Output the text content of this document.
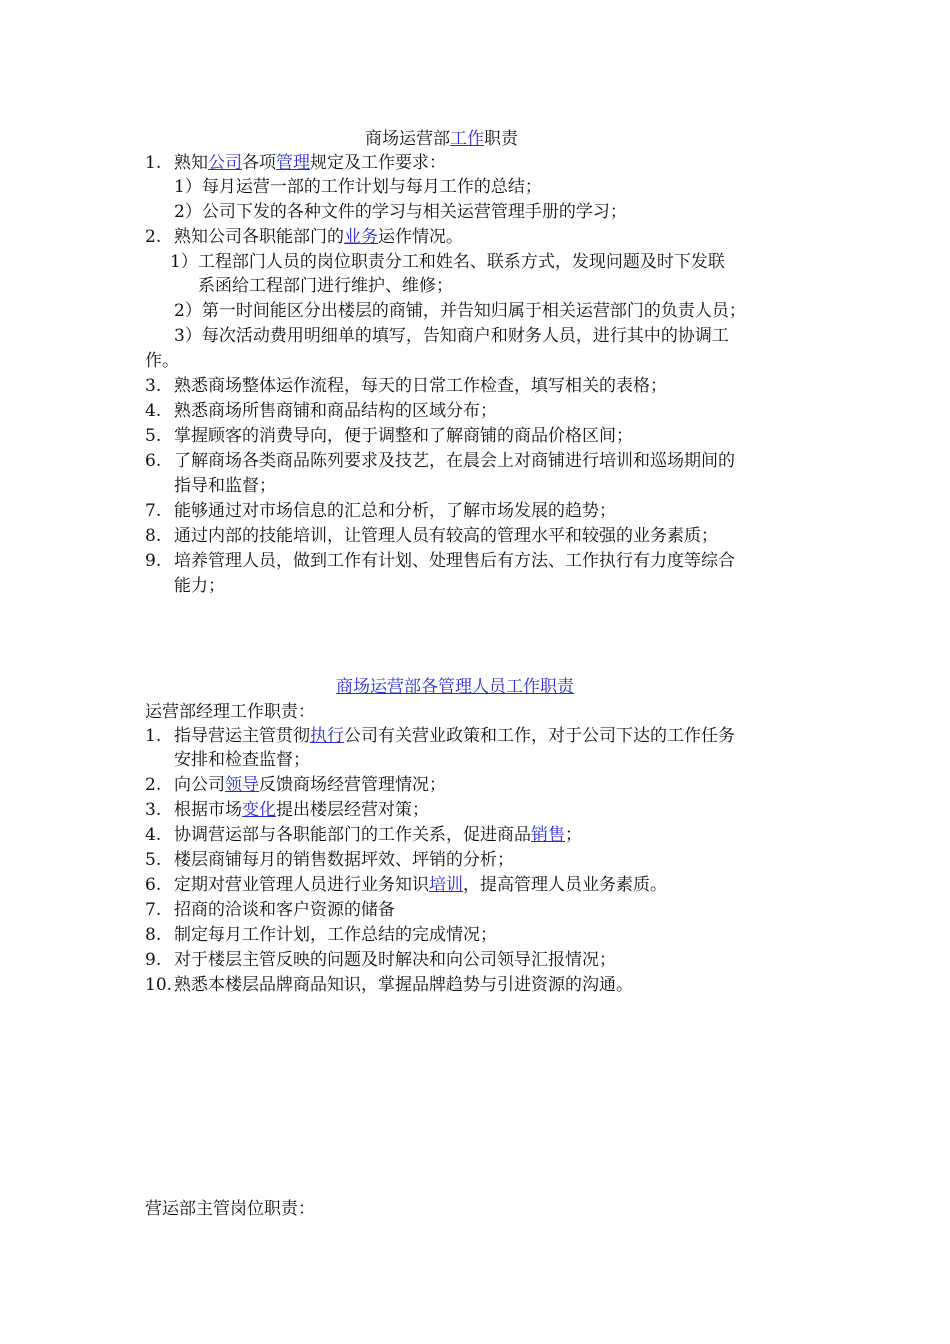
商场运营部工作职责
1. 熟知公司各项管理规定及工作要求：
1）每月运营一部的工作计划与每月工作的总结；
2）公司下发的各种文件的学习与相关运营管理手册的学习；
2. 熟知公司各职能部门的业务运作情况。
1）工程部门人员的岗位职责分工和姓名、联系方式，发现问题及时下发联
系函给工程部门进行维护、维修；
2）第一时间能区分出楼层的商铺，并告知归属于相关运营部门的负责人员；
3）每次活动费用明细单的填写，告知商户和财务人员，进行其中的协调工
作。
3. 熟悉商场整体运作流程，每天的日常工作检查，填写相关的表格；
4. 熟悉商场所售商铺和商品结构的区域分布；
5. 掌握顾客的消费导向，便于调整和了解商铺的商品价格区间；
6. 了解商场各类商品陈列要求及技艺，在晨会上对商铺进行培训和巡场期间的
指导和监督；
7. 能够通过对市场信息的汇总和分析，了解市场发展的趋势；
8. 通过内部的技能培训，让管理人员有较高的管理水平和较强的业务素质；
9. 培养管理人员，做到工作有计划、处理售后有方法、工作执行有力度等综合
能力；
商场运营部各管理人员工作职责
运营部经理工作职责：
1. 指导营运主管贯彻执行公司有关营业政策和工作，对于公司下达的工作任务
安排和检查监督；
2. 向公司领导反馈商场经营管理情况；
3. 根据市场变化提出楼层经营对策；
4. 协调营运部与各职能部门的工作关系，促进商品销售；
5. 楼层商铺每月的销售数据坪效、坪销的分析；
6. 定期对营业管理人员进行业务知识培训，提高管理人员业务素质。
7. 招商的洽谈和客户资源的储备
8. 制定每月工作计划，工作总结的完成情况；
9. 对于楼层主管反映的问题及时解决和向公司领导汇报情况；
10. 熟悉本楼层品牌商品知识，掌握品牌趋势与引进资源的沟通。
营运部主管岗位职责：
